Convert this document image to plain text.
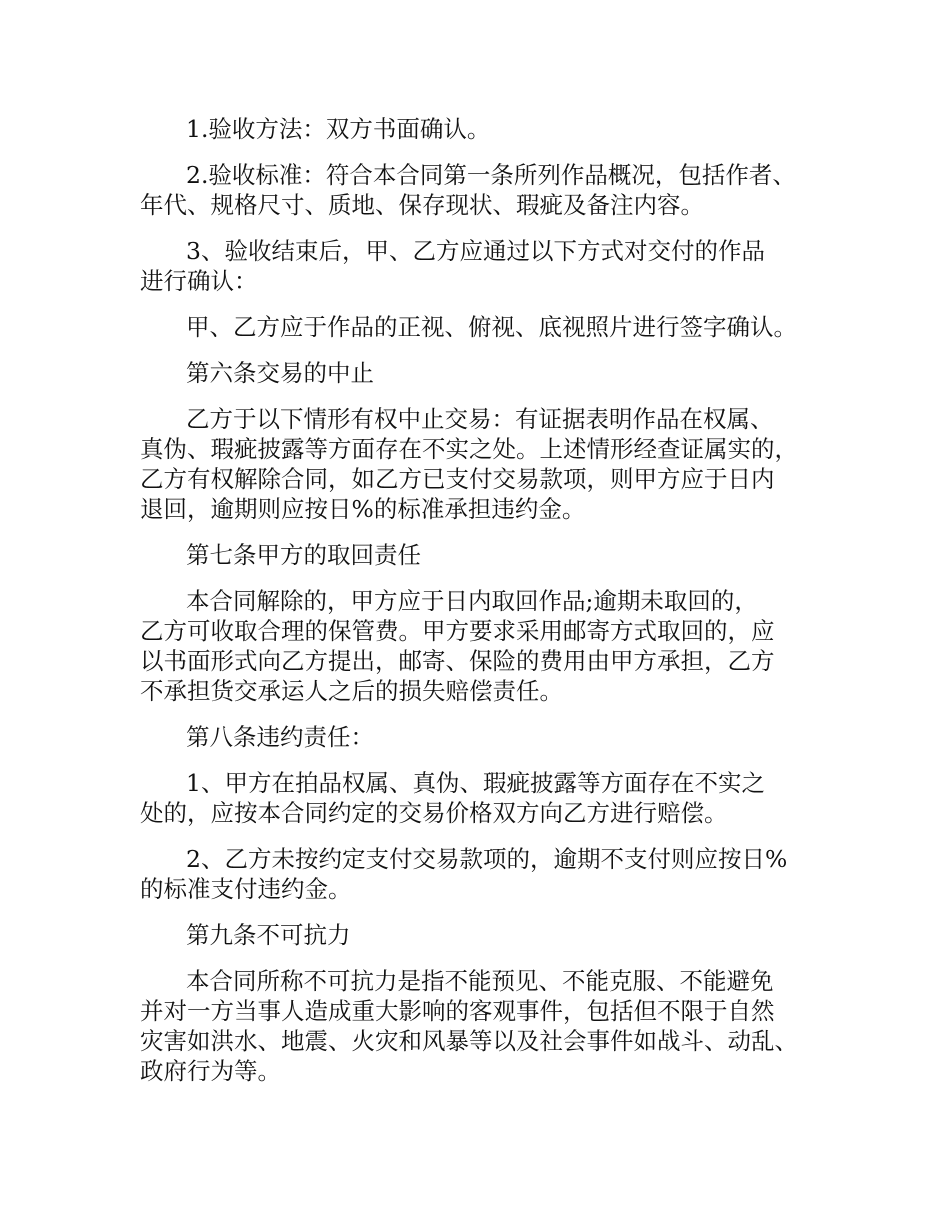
1.验收方法：双方书面确认。

2.验收标准：符合本合同第一条所列作品概况，包括作者、
年代、规格尺寸、质地、保存现状、瑕疵及备注内容。

3、验收结束后，甲、乙方应通过以下方式对交付的作品
进行确认：

甲、乙方应于作品的正视、俯视、底视照片进行签字确认。

第六条交易的中止

乙方于以下情形有权中止交易：有证据表明作品在权属、
真伪、瑕疵披露等方面存在不实之处。上述情形经查证属实的，
乙方有权解除合同，如乙方已支付交易款项，则甲方应于日内
退回，逾期则应按日%的标准承担违约金。

第七条甲方的取回责任

本合同解除的，甲方应于日内取回作品;逾期未取回的，
乙方可收取合理的保管费。甲方要求采用邮寄方式取回的，应
以书面形式向乙方提出，邮寄、保险的费用由甲方承担，乙方
不承担货交承运人之后的损失赔偿责任。

第八条违约责任：

1、甲方在拍品权属、真伪、瑕疵披露等方面存在不实之
处的，应按本合同约定的交易价格双方向乙方进行赔偿。

2、乙方未按约定支付交易款项的，逾期不支付则应按日%
的标准支付违约金。

第九条不可抗力

本合同所称不可抗力是指不能预见、不能克服、不能避免
并对一方当事人造成重大影响的客观事件，包括但不限于自然
灾害如洪水、地震、火灾和风暴等以及社会事件如战斗、动乱、
政府行为等。
